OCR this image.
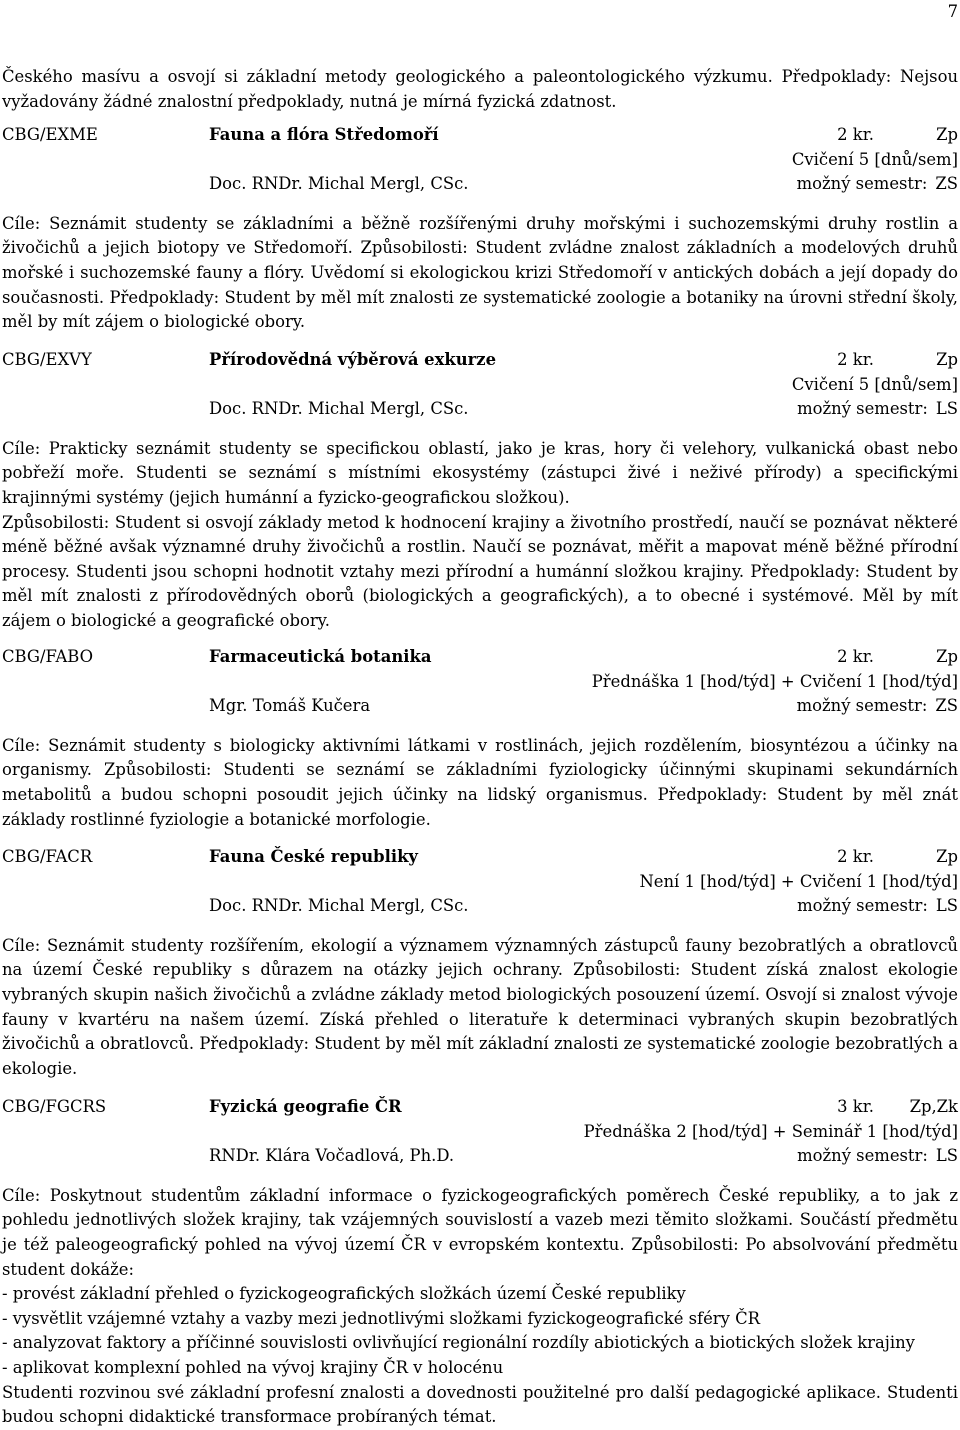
7
Českého masívu a osvojí si základní metody geologického a paleontologického výzkumu. Předpoklady: Nejsou vyžadovány žádné znalostní předpoklady, nutná je mírná fyzická zdatnost.
CBG/EXME	Fauna a flóra Středomoří	2 kr.	Zp
Cvičení 5 [dnů/sem]
Doc. RNDr. Michal Mergl, CSc.	možný semestr: ZS

Cíle: Seznámit studenty se základními a běžně rozšířenými druhy mořskými i suchozemskými druhy rostlin a živočichů a jejich biotopy ve Středomoří. Způsobilosti: Student zvládne znalost základních a modelových druhů mořské i suchozemské fauny a flóry. Uvědomí si ekologickou krizi Středomoří v antických dobách a její dopady do současnosti. Předpoklady: Student by měl mít znalosti ze systematické zoologie a botaniky na úrovni střední školy, měl by mít zájem o biologické obory.

CBG/EXVY	Přírodovědná výběrová exkurze	2 kr.	Zp
Cvičení 5 [dnů/sem]
Doc. RNDr. Michal Mergl, CSc.	možný semestr: LS

Cíle: Prakticky seznámit studenty se specifickou oblastí, jako je kras, hory či velehory, vulkanická obast nebo pobřeží moře. Studenti se seznámí s místními ekosystémy (zástupci živé i neživé přírody) a specifickými krajinnými systémy (jejich humánní a fyzicko-geografickou složkou).

Způsobilosti: Student si osvojí základy metod k hodnocení krajiny a životního prostředí, naučí se poznávat některé méně běžné avšak významné druhy živočichů a rostlin. Naučí se poznávat, měřit a mapovat méně běžné přírodní procesy. Studenti jsou schopni hodnotit vztahy mezi přírodní a humánní složkou krajiny. Předpoklady: Student by měl mít znalosti z přírodovědných oborů (biologických a geografických), a to obecné i systémové. Měl by mít zájem o biologické a geografické obory.

CBG/FABO	Farmaceutická botanika	2 kr.	Zp
Přednáška 1 [hod/týd] + Cvičení 1 [hod/týd]
Mgr. Tomáš Kučera	možný semestr: ZS

Cíle: Seznámit studenty s biologicky aktivními látkami v rostlinách, jejich rozdělením, biosyntézou a účinky na organismy. Způsobilosti: Studenti se seznámí se základními fyziologicky účinnými skupinami sekundárních metabolitů a budou schopni posoudit jejich účinky na lidský organismus. Předpoklady: Student by měl znát základy rostlinné fyziologie a botanické morfologie.

CBG/FACR	Fauna České republiky	2 kr.	Zp
Není 1 [hod/týd] + Cvičení 1 [hod/týd]
Doc. RNDr. Michal Mergl, CSc.	možný semestr: LS

Cíle: Seznámit studenty rozšířením, ekologií a významem významných zástupců fauny bezobratlých a obratlovců na území České republiky s důrazem na otázky jejich ochrany. Způsobilosti: Student získá znalost ekologie vybraných skupin našich živočichů a zvládne základy metod biologických posouzení území. Osvojí si znalost vývoje fauny v kvartéru na našem území. Získá přehled o literatuře k determinaci vybraných skupin bezobratlých živočichů a obratlovců. Předpoklady: Student by měl mít základní znalosti ze systematické zoologie bezobratlých a ekologie.

CBG/FGCRS	Fyzická geografie ČR	3 kr. Zp,Zk
Přednáška 2 [hod/týd] + Seminář 1 [hod/týd]
RNDr. Klára Vočadlová, Ph.D.	možný semestr: LS

Cíle: Poskytnout studentům základní informace o fyzickogeografických poměrech České republiky, a to jak z pohledu jednotlivých složek krajiny, tak vzájemných souvislostí a vazeb mezi těmito složkami. Součástí předmětu je též paleogeografický pohled na vývoj území ČR v evropském kontextu. Způsobilosti: Po absolvování předmětu student dokáže:

- provést základní přehled o fyzickogeografických složkách území České republiky

- vysvětlit vzájemné vztahy a vazby mezi jednotlivými složkami fyzickogeografické sféry ČR

- analyzovat faktory a příčinné souvislosti ovlivňující regionální rozdíly abiotických a biotických složek krajiny

- aplikovat komplexní pohled na vývoj krajiny ČR v holocénu

Studenti rozvinou své základní profesní znalosti a dovednosti použitelné pro další pedagogické aplikace. Studenti budou schopni didaktické transformace probíraných témat.
